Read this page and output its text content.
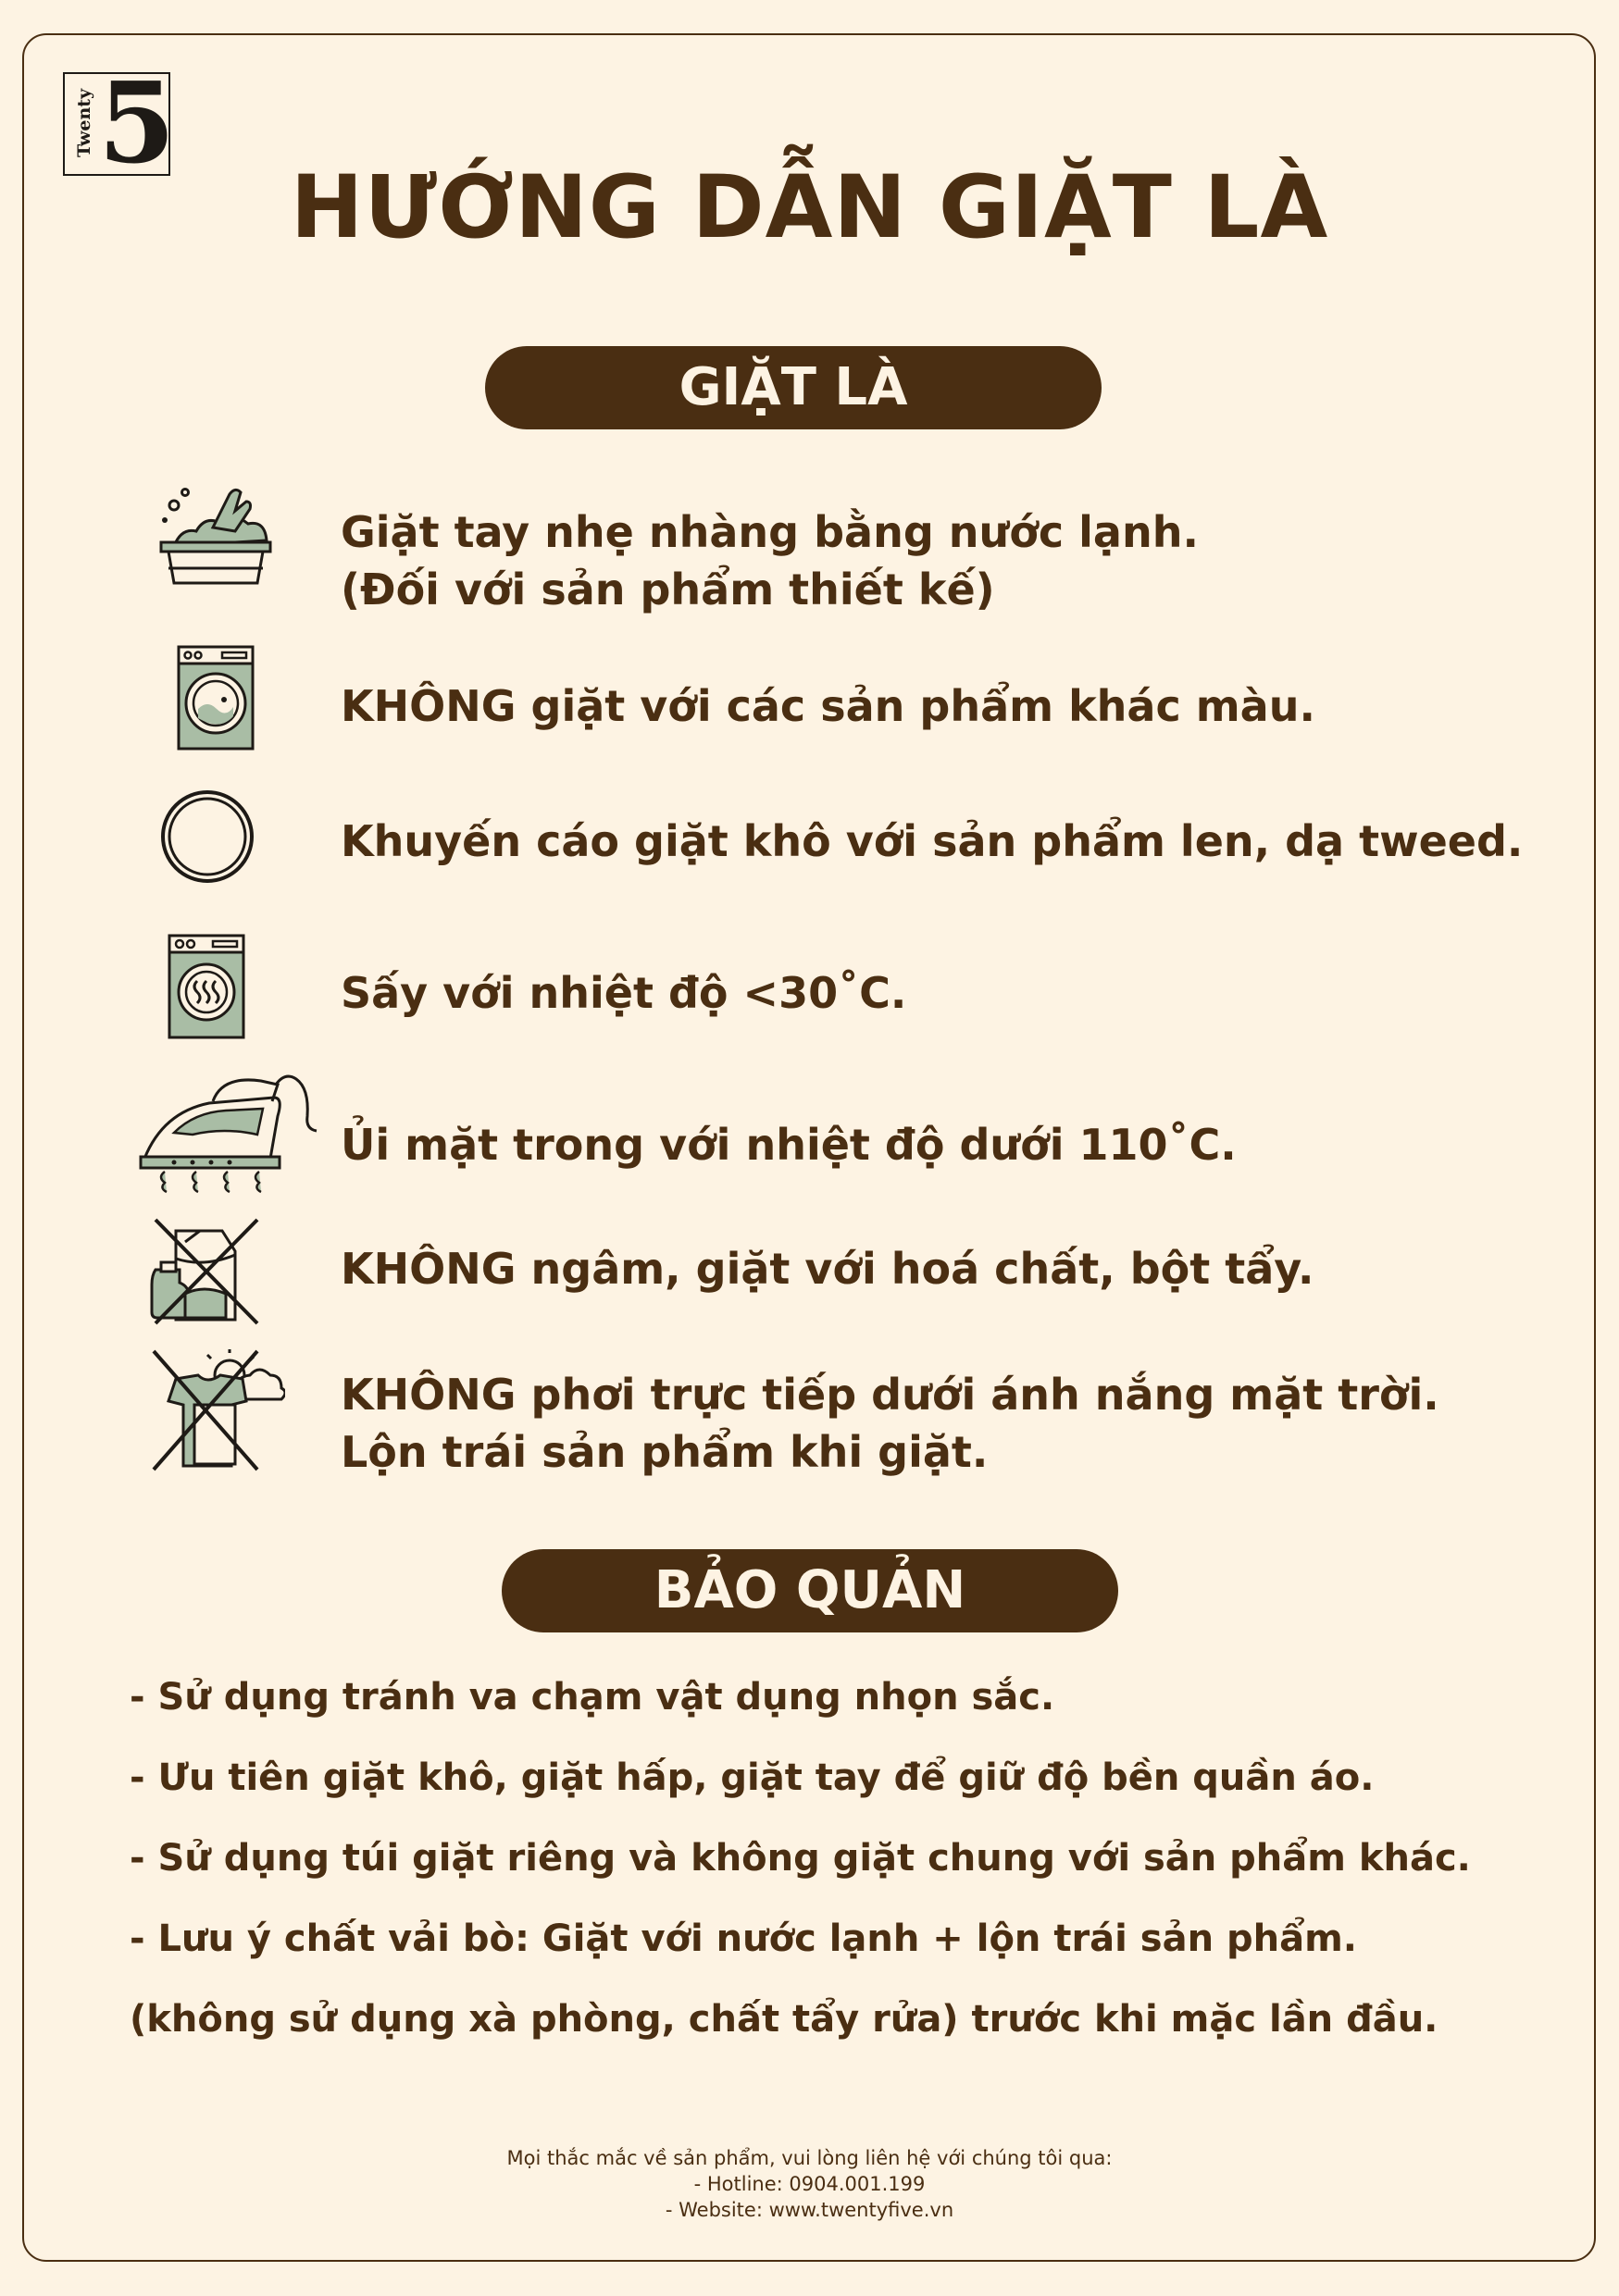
Twenty 5
HƯỚNG DẪN GIẶT LÀ
GIẶT LÀ
Giặt tay nhẹ nhàng bằng nước lạnh.
(Đối với sản phẩm thiết kế)
KHÔNG giặt với các sản phẩm khác màu.
Khuyến cáo giặt khô với sản phẩm len, dạ tweed.
Sấy với nhiệt độ <30˚C.
Ủi mặt trong với nhiệt độ dưới 110˚C.
KHÔNG ngâm, giặt với hoá chất, bột tẩy.
KHÔNG phơi trực tiếp dưới ánh nắng mặt trời.
Lộn trái sản phẩm khi giặt.
BẢO QUẢN
- Sử dụng tránh va chạm vật dụng nhọn sắc.
- Ưu tiên giặt khô, giặt hấp, giặt tay để giữ độ bền quần áo.
- Sử dụng túi giặt riêng và không giặt chung với sản phẩm khác.
- Lưu ý chất vải bò: Giặt với nước lạnh + lộn trái sản phẩm.
(không sử dụng xà phòng, chất tẩy rửa) trước khi mặc lần đầu.
Mọi thắc mắc về sản phẩm, vui lòng liên hệ với chúng tôi qua:
- Hotline: 0904.001.199
- Website: www.twentyfive.vn
